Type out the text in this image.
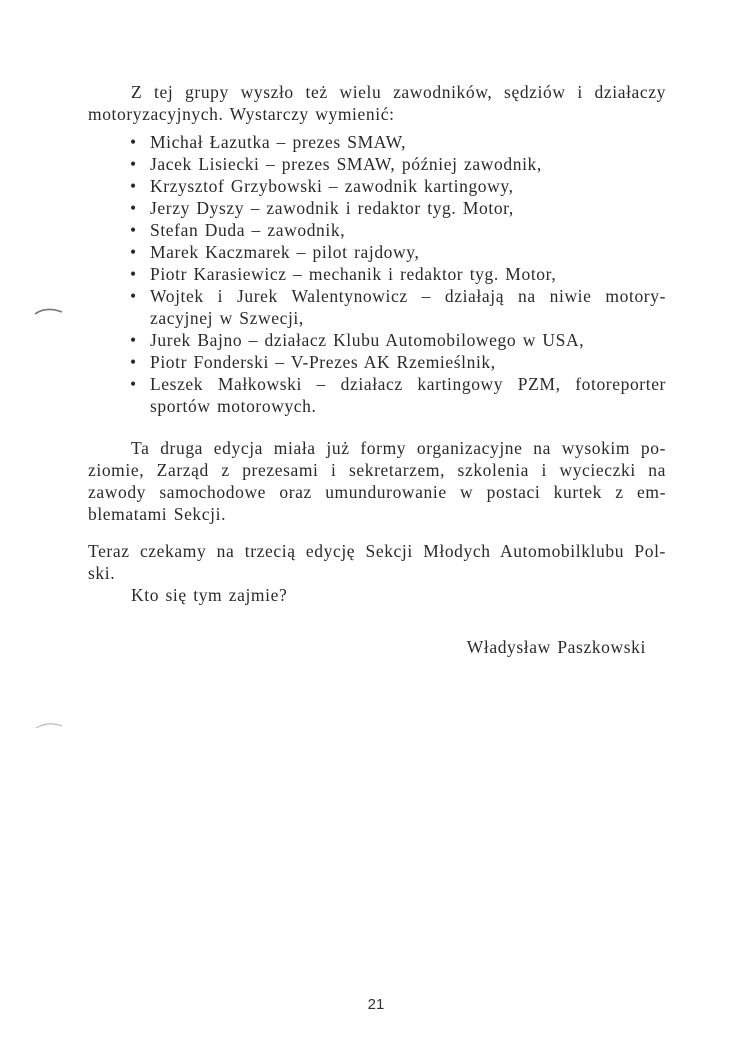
Z tej grupy wyszło też wielu zawodników, sędziów i działaczy
motoryzacyjnych. Wystarczy wymienić:
• Michał Łazutka – prezes SMAW,
• Jacek Lisiecki – prezes SMAW, później zawodnik,
• Krzysztof Grzybowski – zawodnik kartingowy,
• Jerzy Dyszy – zawodnik i redaktor tyg. Motor,
• Stefan Duda – zawodnik,
• Marek Kaczmarek – pilot rajdowy,
• Piotr Karasiewicz – mechanik i redaktor tyg. Motor,
• Wojtek i Jurek Walentynowicz – działają na niwie motory-
zacyjnej w Szwecji,
• Jurek Bajno – działacz Klubu Automobilowego w USA,
• Piotr Fonderski – V-Prezes AK Rzemieślnik,
• Leszek Małkowski – działacz kartingowy PZM, fotoreporter
sportów motorowych.
Ta druga edycja miała już formy organizacyjne na wysokim po-
ziomie, Zarząd z prezesami i sekretarzem, szkolenia i wycieczki na
zawody samochodowe oraz umundurowanie w postaci kurtek z em-
blematami Sekcji.
Teraz czekamy na trzecią edycję Sekcji Młodych Automobilklubu Pol-
ski.
Kto się tym zajmie?
Władysław Paszkowski
21
